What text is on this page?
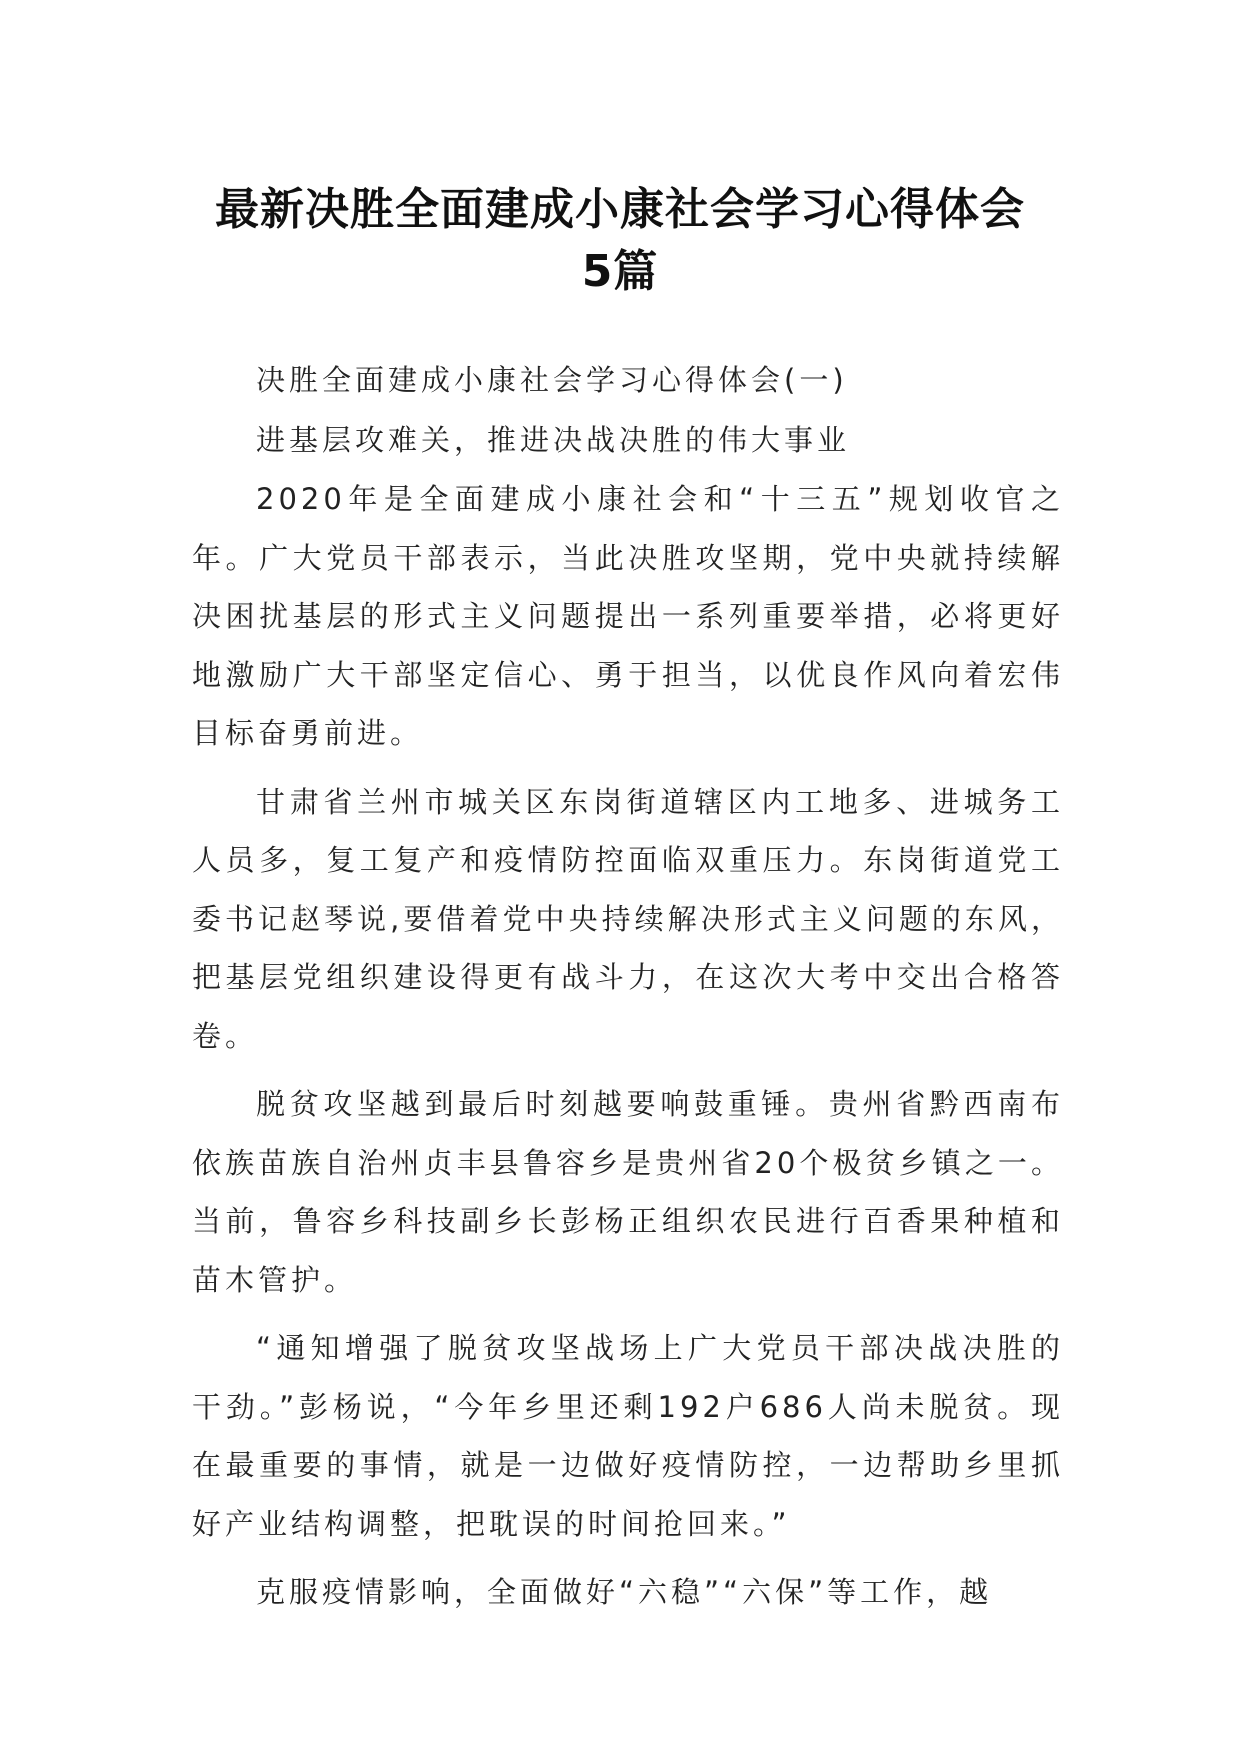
最新决胜全面建成小康社会学习心得体会
5篇
决胜全面建成小康社会学习心得体会(一)
进基层攻难关，推进决战决胜的伟大事业

2020年是全面建成小康社会和“十三五”规划收官之年。广大党员干部表示，当此决胜攻坚期，党中央就持续解决困扰基层的形式主义问题提出一系列重要举措，必将更好地激励广大干部坚定信心、勇于担当，以优良作风向着宏伟目标奋勇前进。

甘肃省兰州市城关区东岗街道辖区内工地多、进城务工人员多，复工复产和疫情防控面临双重压力。东岗街道党工委书记赵琴说,要借着党中央持续解决形式主义问题的东风，把基层党组织建设得更有战斗力，在这次大考中交出合格答卷。

脱贫攻坚越到最后时刻越要响鼓重锤。贵州省黔西南布依族苗族自治州贞丰县鲁容乡是贵州省20个极贫乡镇之一。当前，鲁容乡科技副乡长彭杨正组织农民进行百香果种植和苗木管护。

“通知增强了脱贫攻坚战场上广大党员干部决战决胜的干劲。”彭杨说，“今年乡里还剩192户686人尚未脱贫。现在最重要的事情，就是一边做好疫情防控，一边帮助乡里抓好产业结构调整，把耽误的时间抢回来。”

克服疫情影响，全面做好“六稳”“六保”等工作，越
